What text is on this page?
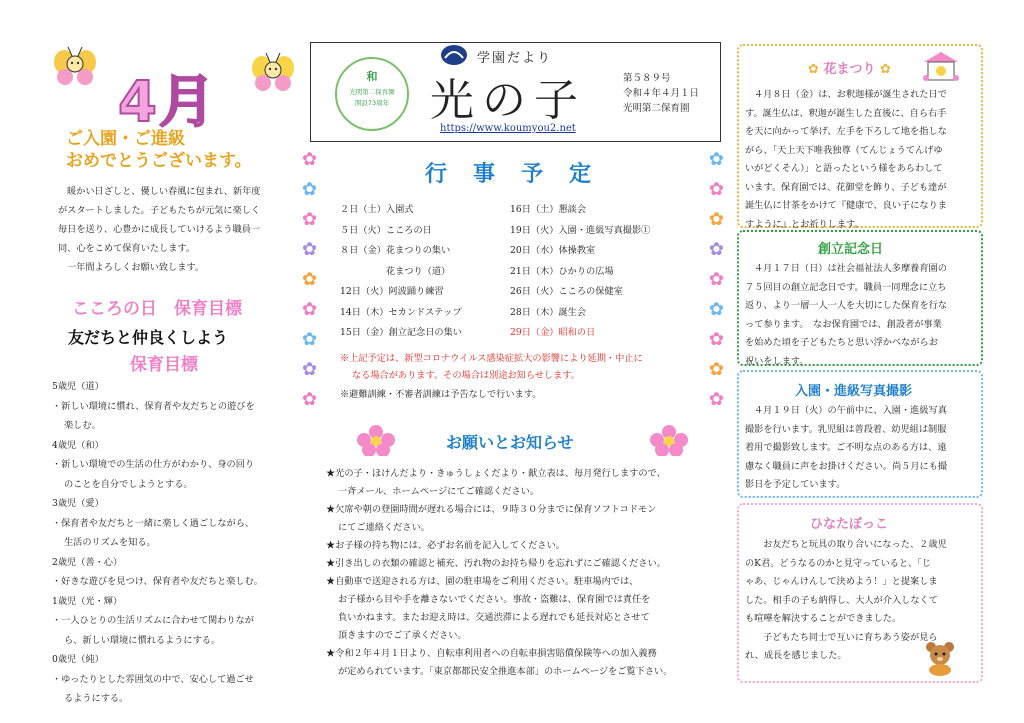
4月
ご入園・ご進級
おめでとうございます。
暖かい日ざしと、優しい春風に包まれ、新年度
がスタートしました。子どもたちが元気に楽しく
毎日を送り、心豊かに成長していけるよう職員一
同、心をこめて保育いたします。
一年間よろしくお願い致します。
こころの日　保育目標
友だちと仲良くしよう
保育目標

5歳児（道）

・新しい環境に慣れ、保育者や友だちとの遊びを

楽しむ。

4歳児（和）

・新しい環境での生活の仕方がわかり、身の回り

のことを自分でしようとする。

3歳児（愛）

・保育者や友だちと一緒に楽しく過ごしながら、

生活のリズムを知る。

2歳児（善・心）

・好きな遊びを見つけ、保育者や友だちと楽しむ。

1歳児（光・輝）

・一人ひとりの生活リズムに合わせて関わりなが

ら、新しい環境に慣れるようにする。

0歳児（純）

・ゆったりとした雰囲気の中で、安心して過ごせ

るようにする。

和
光明第二保育園
開設73周年
学園だより
光の子	第５８９号
令和４年４月１日
光明第二保育園
https://www.koumyou2.net
✿
✿
✿
✿
✿
✿
✿
✿
✿
✿
✿
✿
✿
✿
✿
✿
✿
✿
行事予定
２日（土）入園式
５日（火）こころの日
８日（金）花まつりの集い
　　　　　花まつり（道）
12日（火）阿波踊り練習
14日（木）セカンドステップ
15日（金）創立記念日の集い
16日（土）懇談会
19日（火）入園・進級写真撮影①
20日（水）体操教室
21日（木）ひかりの広場
26日（火）こころの保健室
28日（木）誕生会
29日（金）昭和の日
※上記予定は、新型コロナウイルス感染症拡大の影響により延期・中止に
なる場合があります。その場合は別途お知らせします。
※避難訓練・不審者訓練は予告なしで行います。
お願いとお知らせ

★光の子・ほけんだより・きゅうしょくだより・献立表は、毎月発行しますので、

一斉メール、ホームページにてご確認ください。

★欠席や朝の登園時間が遅れる場合には、９時３０分までに保育ソフトコドモン

にてご連絡ください。

★お子様の持ち物には、必ずお名前を記入してください。

★引き出しの衣類の確認と補充、汚れ物のお持ち帰りを忘れずにご確認ください。

★自動車で送迎される方は、園の駐車場をご利用ください。駐車場内では、

お子様から目や手を離さないでください。事故・盗難は、保育園では責任を

負いかねます。またお迎え時は、交通渋滞による遅れでも延長対応とさせて

頂きますのでご了承ください。

★令和２年４月１日より、自転車利用者への自転車損害賠償保険等への加入義務

が定められています。「東京都都民安全推進本部」のホームページをご覧下さい。

✿ 花まつり ✿
４月８日（金）は、お釈迦様が誕生された日で
す。誕生仏は、釈迦が誕生した直後に、自ら右手
を天に向かって挙げ、左手を下ろして地を指しな
がら、「天上天下唯我独尊（てんじょうてんげゆ
いがどくそん）」と語ったという様をあらわして
います。保育園では、花御堂を飾り、子ども達が
誕生仏に甘茶をかけて『健康で、良い子になりま
すように』とお祈りします。
創立記念日
４月１７日（日）は社会福祉法人多摩養育園の
７５回目の創立記念日です。職員一同理念に立ち
返り、より一層一人一人を大切にした保育を行な
って参ります。　なお保育園では、創設者が事業
を始めた頃を子どもたちと思い浮かべながらお
祝いをします。
入園・進級写真撮影
４月１９日（火）の午前中に、入園・進級写真
撮影を行います。乳児組は普段着、幼児組は制服
着用で撮影致します。ご不明な点のある方は、遠
慮なく職員に声をお掛けください。尚５月にも撮
影日を予定しています。
ひなたぼっこ
お友だちと玩具の取り合いになった、２歳児
のK君。どうなるのかと見守っていると、「じ
ゃあ、じゃんけんして決めよう！」と提案しま
した。相手の子も納得し、大人が介入しなくて
も喧嘩を解決することができました。
子どもたち同士で互いに育ちあう姿が見ら
れ、成長を感じました。
